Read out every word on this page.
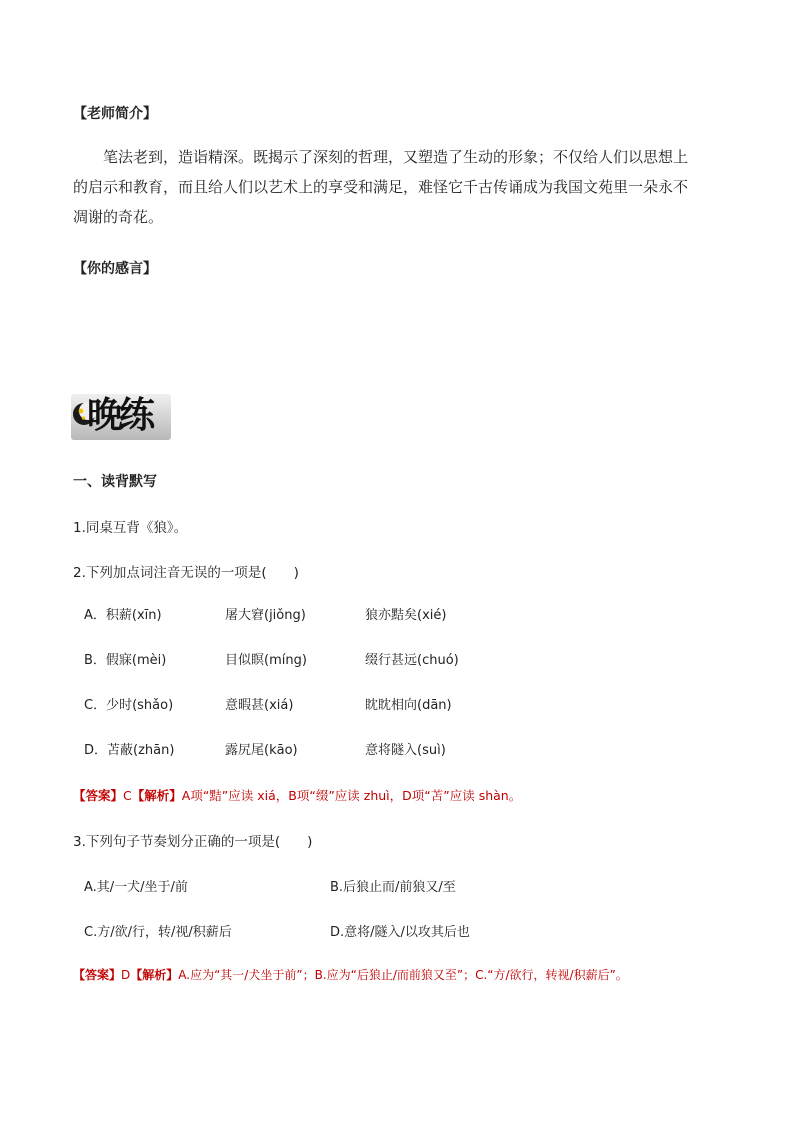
【老师简介】
笔法老到，造诣精深。既揭示了深刻的哲理，又塑造了生动的形象；不仅给人们以思想上
的启示和教育，而且给人们以艺术上的享受和满足，难怪它千古传诵成为我国文苑里一朵永不
凋谢的奇花。
【你的感言】
晚练
一、读背默写
1.同桌互背《狼》。
2.下列加点词注音无误的一项是(　　)
A．积薪(xīn)	屠大窘(jiǒng)	狼亦黠矣(xié)
B．假寐(mèi)	目似瞑(míng)	缀行甚远(chuó)
C．少时(shǎo)	意暇甚(xiá)	眈眈相向(dān)
D．苫蔽(zhān)	露尻尾(kāo)	意将隧入(suì)
【答案】C【解析】A项“黠”应读 xiá，B项“缀”应读 zhuì，D项“苫”应读 shàn。
3.下列句子节奏划分正确的一项是(　　)
A.其/一犬/坐于/前	B.后狼止而/前狼又/至
C.方/欲/行，转/视/积薪后	D.意将/隧入/以攻其后也
【答案】D【解析】A.应为“其一/犬坐于前”；B.应为“后狼止/而前狼又至”；C.“方/欲行，转视/积薪后”。
